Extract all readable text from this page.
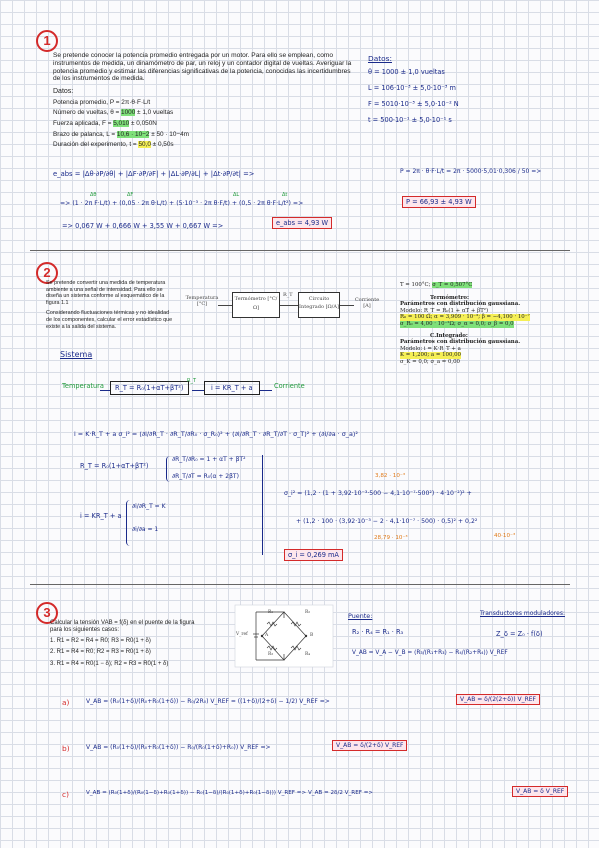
1

Se pretende conocer la potencia promedio entregada por un motor. Para ello se emplean, como instrumentos de medida, un dinamómetro de par, un reloj y un contador digital de vueltas. Averiguar la potencia promedio y estimar las diferencias significativas de la potencia, conocidas las incertidumbres de los instrumentos de medida.

Datos:

Potencia promedio, P = 2π·θ·F·L/t

Número de vueltas, θ = 1000 ± 1,0 vueltas

Fuerza aplicada, F = 5,010 ± 0,050N

Brazo de palanca, L = 10,6 · 10−2 ± 50 · 10−4m

Duración del experimento, t = 50,0 ± 0,50s

Datos:
θ = 1000 ± 1,0 vueltas
L = 106·10⁻³ ± 5,0·10⁻³ m
F = 5010·10⁻³ ± 5,0·10⁻² N
t = 500·10⁻¹ ± 5,0·10⁻¹ s
e_abs = |Δθ·∂P/∂θ| + |ΔF·∂P/∂F| + |ΔL·∂P/∂L| + |Δt·∂P/∂t| =>
Δθ	ΔF	ΔL	Δt
=> (1 · 2π F·L/t) + (0,05 · 2π θ·L/t) + (5·10⁻³ · 2π θ·F/t) + (0,5 · 2π θ·F·L/t²) =>
=> 0,067 W + 0,666 W + 3,55 W + 0,667 W =>	e_abs = 4,93 W
P = 2π · θ·F·L/t = 2π · 5000·5,01·0,306 / 50 =>
P = 66,93 ± 4,93 W
2

Se pretende convertir una medida de temperatura ambiente a una señal de intensidad. Para ello se diseña un sistema conforme al esquemático de la figura 1.1

Considerando fluctuaciones térmicas y no idealidad de los componentes, calcular el error estadístico que existe a la salida del sistema.

Temperatura [°C]
Termómetro [°C/Ω]
R_T
Circuito Integrado [Ω/A]
Corriente [A]
T = 100°C; σ_T = 0,507°C
Termómetro:
Parámetros con distribución gaussiana.
Modelo: R_T = R₀(1 + αT + βT²)
R₀ = 100 Ω; α = 3,909 · 10⁻³; β = −4,100 · 10⁻⁷ σ_R₀ = 4,00 · 10⁻²Ω; σ_α = 0,0; σ_β = 0,0
C.Integrado:
Parámetros con distribución gaussiana.
Modelo: i = K·R_T + a
K = 1,200; a = 100,00
σ_K = 0,0; σ_a = 0,00
Sistema
Temperatura	R_T = R₀(1+αT+βT²)
R_T
i = KR_T + a	Corriente
i = K·R_T + a σ_i² = (∂i/∂R_T · ∂R_T/∂R₀ · σ_R₀)² + (∂i/∂R_T · ∂R_T/∂T · σ_T)² + (∂i/∂a · σ_a)²
R_T = R₀(1+αT+βT²)
∂R_T/∂R₀ = 1 + αT + βT²
∂R_T/∂T = R₀(α + 2βT)
i = KR_T + a
∂i/∂R_T = K
∂i/∂a = 1
3,82 · 10⁻³
σ_i² = (1,2 · (1 + 3,92·10⁻³·500 − 4,1·10⁻⁷·500²) · 4·10⁻²)² +
+ (1,2 · 100 · (3,92·10⁻³ − 2 · 4,1·10⁻⁷ · 500) · 0,5)² + 0,2²
28,79 · 10⁻³	40·10⁻³
σ_i = 0,269 mA
3

Calcular la tensión VAB = f(δ) en el puente de la figura para los siguientes casos:

1. R1 = R2 = R4 = R0; R3 = R0(1 + δ)

2. R1 = R4 = R0; R2 = R3 = R0(1 + δ)

3. R1 = R4 = R0(1 − δ); R2 = R3 = R0(1 + δ)

V_ref
R₁	R₂
R₃	R₄
A	B
Puente:
R₂ · R₄ = R₁ · R₃
V_AB = V_A − V_B = (R₃/(R₁+R₃) − R₄/(R₂+R₄)) V_REF
Transductores moduladores:
Z_δ = Z₀ · f(δ)
a)	V_AB = (R₀(1+δ)/(R₀+R₀(1+δ)) − R₀/2R₀) V_REF = ((1+δ)/(2+δ) − 1/2) V_REF =>	V_AB = δ/(2(2+δ)) V_REF
b)	V_AB = (R₀(1+δ)/(R₀+R₀(1+δ)) − R₀/(R₀(1+δ)+R₀)) V_REF =>	V_AB = δ/(2+δ) V_REF
c)	V_AB = (R₀(1+δ)/(R₀(1−δ)+R₀(1+δ)) − R₀(1−δ)/(R₀(1+δ)+R₀(1−δ))) V_REF => V_AB = 2δ/2 V_REF =>	V_AB = δ V_REF
